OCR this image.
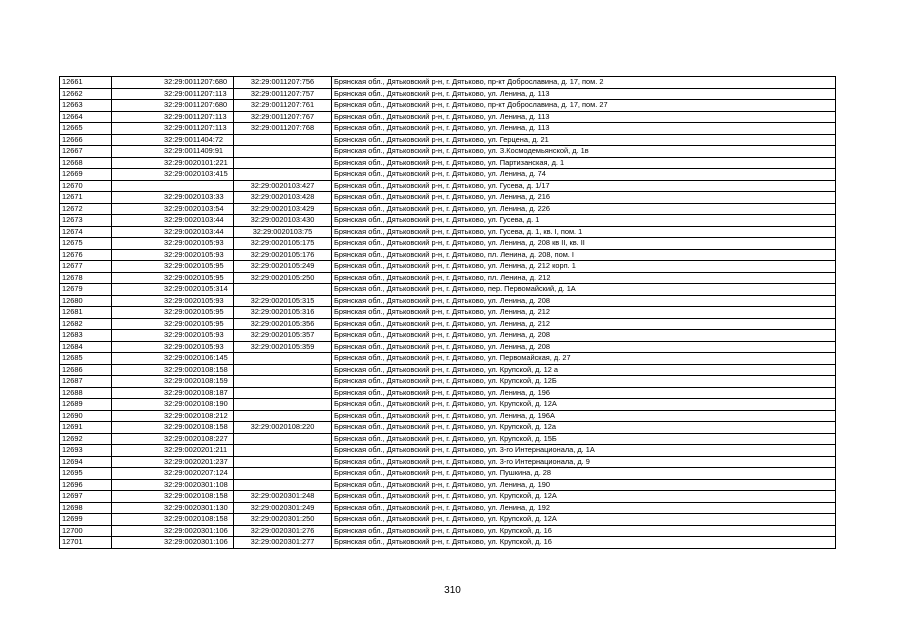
12661	32:29:0011207:680	32:29:0011207:756	Брянская обл., Дятьковский р-н, г. Дятьково, пр-кт Доброславина, д. 17, пом. 2
12662	32:29:0011207:113	32:29:0011207:757	Брянская обл., Дятьковский р-н, г. Дятьково, ул. Ленина, д. 113
12663	32:29:0011207:680	32:29:0011207:761	Брянская обл., Дятьковский р-н, г. Дятьково, пр-кт Доброславина, д. 17, пом. 27
12664	32:29:0011207:113	32:29:0011207:767	Брянская обл., Дятьковский р-н, г. Дятьково, ул. Ленина, д. 113
12665	32:29:0011207:113	32:29:0011207:768	Брянская обл., Дятьковский р-н, г. Дятьково, ул. Ленина, д. 113
12666	32:29:0011404:72		Брянская обл., Дятьковский р-н, г. Дятьково, ул. Герцена, д. 21
12667	32:29:0011409:91		Брянская обл., Дятьковский р-н, г. Дятьково, ул. З.Космодемьянской, д. 1в
12668	32:29:0020101:221		Брянская обл., Дятьковский р-н, г. Дятьково, ул. Партизанская, д. 1
12669	32:29:0020103:415		Брянская обл., Дятьковский р-н, г. Дятьково, ул. Ленина, д. 74
12670		32:29:0020103:427	Брянская обл., Дятьковский р-н, г. Дятьково, ул. Гусева, д. 1/17
12671	32:29:0020103:33	32:29:0020103:428	Брянская обл., Дятьковский р-н, г. Дятьково, ул. Ленина, д. 216
12672	32:29:0020103:54	32:29:0020103:429	Брянская обл., Дятьковский р-н, г. Дятьково, ул. Ленина, д. 226
12673	32:29:0020103:44	32:29:0020103:430	Брянская обл., Дятьковский р-н, г. Дятьково, ул. Гусева, д. 1
12674	32:29:0020103:44	32:29:0020103:75	Брянская обл., Дятьковский р-н, г. Дятьково, ул. Гусева, д. 1, кв. I, пом. 1
12675	32:29:0020105:93	32:29:0020105:175	Брянская обл., Дятьковский р-н, г. Дятьково, ул. Ленина, д. 208 кв II, кв. II
12676	32:29:0020105:93	32:29:0020105:176	Брянская обл., Дятьковский р-н, г. Дятьково, пл. Ленина, д. 208, пом. I
12677	32:29:0020105:95	32:29:0020105:249	Брянская обл., Дятьковский р-н, г. Дятьково, ул. Ленина, д. 212 корп. 1
12678	32:29:0020105:95	32:29:0020105:250	Брянская обл., Дятьковский р-н, г. Дятьково, пл. Ленина, д. 212
12679	32:29:0020105:314		Брянская обл., Дятьковский р-н, г. Дятьково, пер. Первомайский, д. 1А
12680	32:29:0020105:93	32:29:0020105:315	Брянская обл., Дятьковский р-н, г. Дятьково, ул. Ленина, д. 208
12681	32:29:0020105:95	32:29:0020105:316	Брянская обл., Дятьковский р-н, г. Дятьково, ул. Ленина, д. 212
12682	32:29:0020105:95	32:29:0020105:356	Брянская обл., Дятьковский р-н, г. Дятьково, ул. Ленина, д. 212
12683	32:29:0020105:93	32:29:0020105:357	Брянская обл., Дятьковский р-н, г. Дятьково, ул. Ленина, д. 208
12684	32:29:0020105:93	32:29:0020105:359	Брянская обл., Дятьковский р-н, г. Дятьково, ул. Ленина, д. 208
12685	32:29:0020106:145		Брянская обл., Дятьковский р-н, г. Дятьково, ул. Первомайская, д. 27
12686	32:29:0020108:158		Брянская обл., Дятьковский р-н, г. Дятьково, ул. Крупской, д. 12 а
12687	32:29:0020108:159		Брянская обл., Дятьковский р-н, г. Дятьково, ул. Крупской, д. 12Б
12688	32:29:0020108:187		Брянская обл., Дятьковский р-н, г. Дятьково, ул. Ленина, д. 196
12689	32:29:0020108:190		Брянская обл., Дятьковский р-н, г. Дятьково, ул. Крупской, д. 12А
12690	32:29:0020108:212		Брянская обл., Дятьковский р-н, г. Дятьково, ул. Ленина, д. 196А
12691	32:29:0020108:158	32:29:0020108:220	Брянская обл., Дятьковский р-н, г. Дятьково, ул. Крупской, д. 12а
12692	32:29:0020108:227		Брянская обл., Дятьковский р-н, г. Дятьково, ул. Крупской, д. 15Б
12693	32:29:0020201:211		Брянская обл., Дятьковский р-н, г. Дятьково, ул. 3-го Интернационала, д. 1А
12694	32:29:0020201:237		Брянская обл., Дятьковский р-н, г. Дятьково, ул. 3-го Интернационала, д. 9
12695	32:29:0020207:124		Брянская обл., Дятьковский р-н, г. Дятьково, ул. Пушкина, д. 28
12696	32:29:0020301:108		Брянская обл., Дятьковский р-н, г. Дятьково, ул. Ленина, д. 190
12697	32:29:0020108:158	32:29:0020301:248	Брянская обл., Дятьковский р-н, г. Дятьково, ул. Крупской, д. 12А
12698	32:29:0020301:130	32:29:0020301:249	Брянская обл., Дятьковский р-н, г. Дятьково, ул. Ленина, д. 192
12699	32:29:0020108:158	32:29:0020301:250	Брянская обл., Дятьковский р-н, г. Дятьково, ул. Крупской, д. 12А
12700	32:29:0020301:106	32:29:0020301:276	Брянская обл., Дятьковский р-н, г. Дятьково, ул. Крупской, д. 16
12701	32:29:0020301:106	32:29:0020301:277	Брянская обл., Дятьковский р-н, г. Дятьково, ул. Крупской, д. 16
310
